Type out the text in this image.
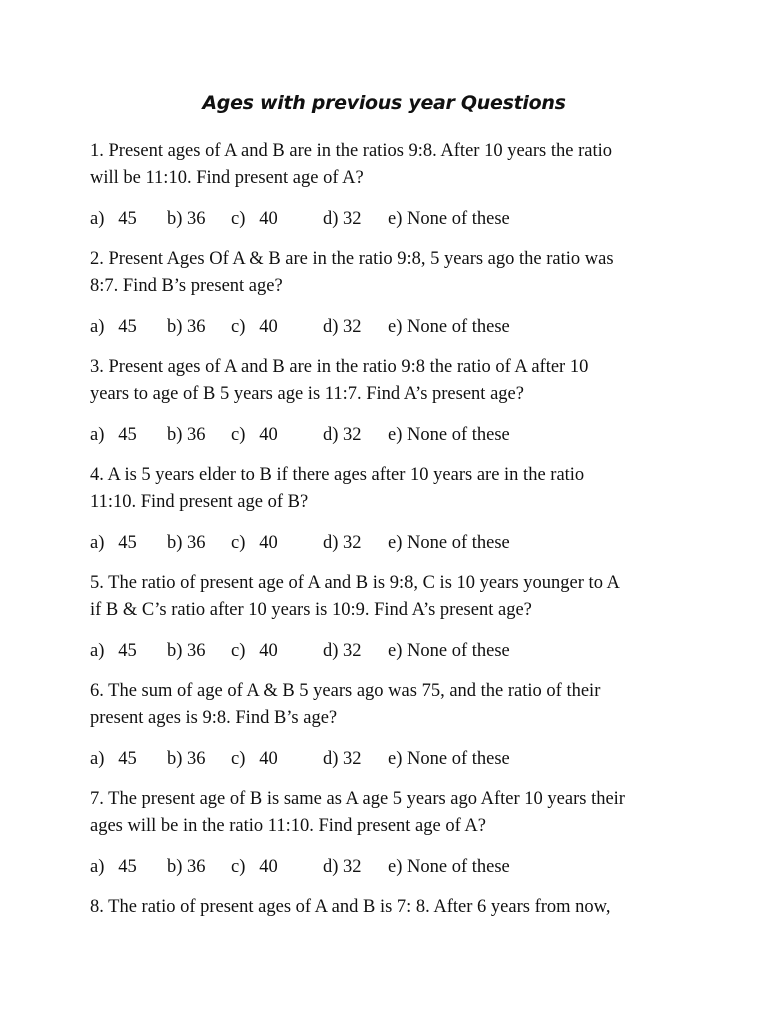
Ages with previous year Questions
1. Present ages of A and B are in the ratios 9:8. After 10 years the ratio
will be 11:10. Find present age of A?
a)   45 b) 36 c)   40 d) 32 e) None of these
2. Present Ages Of A & B are in the ratio 9:8, 5 years ago the ratio was
8:7. Find B’s present age?
a)   45 b) 36 c)   40 d) 32 e) None of these
3. Present ages of A and B are in the ratio 9:8 the ratio of A after 10
years to age of B 5 years age is 11:7. Find A’s present age?
a)   45 b) 36 c)   40 d) 32 e) None of these
4. A is 5 years elder to B if there ages after 10 years are in the ratio
11:10. Find present age of B?
a)   45 b) 36 c)   40 d) 32 e) None of these
5. The ratio of present age of A and B is 9:8, C is 10 years younger to A
if B & C’s ratio after 10 years is 10:9. Find A’s present age?
a)   45 b) 36 c)   40 d) 32 e) None of these
6. The sum of age of A & B 5 years ago was 75, and the ratio of their
present ages is 9:8. Find B’s age?
a)   45 b) 36 c)   40 d) 32 e) None of these
7. The present age of B is same as A age 5 years ago After 10 years their
ages will be in the ratio 11:10. Find present age of A?
a)   45 b) 36 c)   40 d) 32 e) None of these
8. The ratio of present ages of A and B is 7: 8. After 6 years from now,
